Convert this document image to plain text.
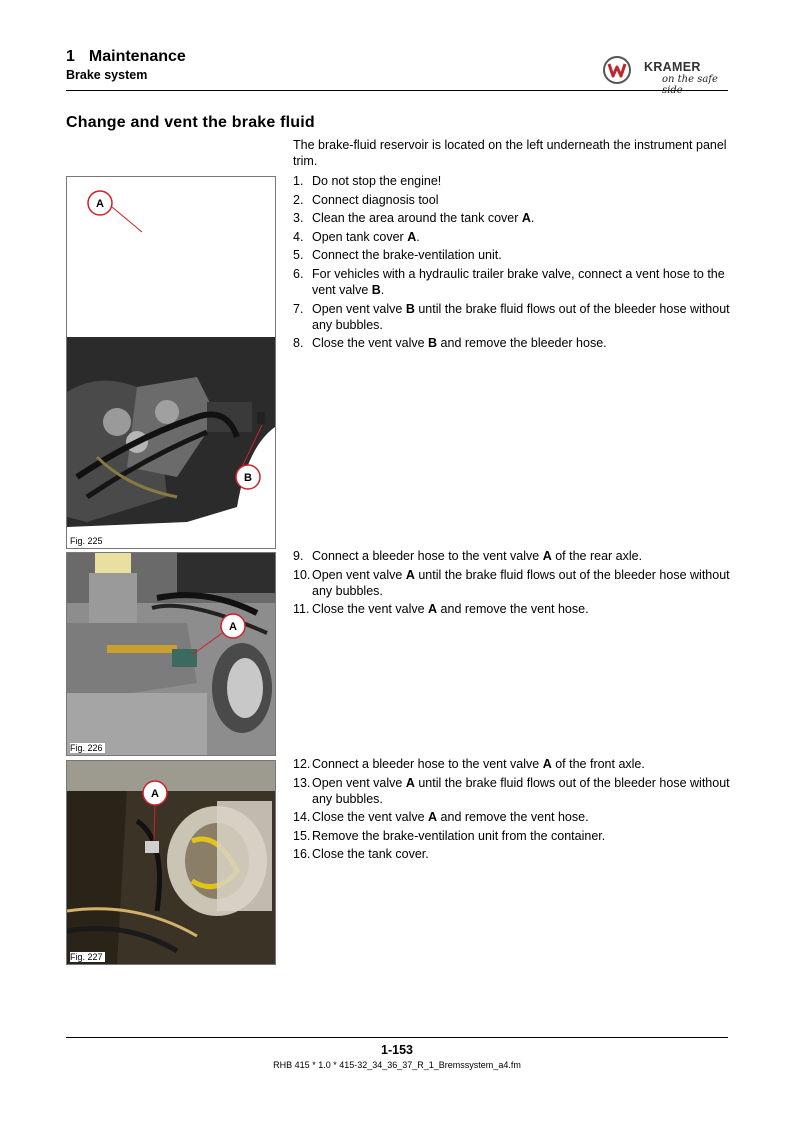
1 Maintenance
Brake system
KRAMER
on the safe
Change and vent the brake fluid
The brake-fluid reservoir is located on the left underneath the instrument panel trim.
1. Do not stop the engine!
2. Connect diagnosis tool
3. Clean the area around the tank cover A.
4. Open tank cover A.
5. Connect the brake-ventilation unit.
6. For vehicles with a hydraulic trailer brake valve, connect a vent hose to the vent valve B.
7. Open vent valve B until the brake fluid flows out of the bleeder hose without any bubbles.
8. Close the vent valve B and remove the bleeder hose.
9. Connect a bleeder hose to the vent valve A of the rear axle.
10. Open vent valve A until the brake fluid flows out of the bleeder hose without any bubbles.
11. Close the vent valve A and remove the vent hose.
12. Connect a bleeder hose to the vent valve A of the front axle.
13. Open vent valve A until the brake fluid flows out of the bleeder hose without any bubbles.
14. Close the vent valve A and remove the vent hose.
15. Remove the brake-ventilation unit from the container.
16. Close the tank cover.
A
B
Fig. 225
A
Fig. 226
A
Fig. 227
1-153
RHB 415 * 1.0 * 415-32_34_36_37_R_1_Bremssystem_a4.fm
